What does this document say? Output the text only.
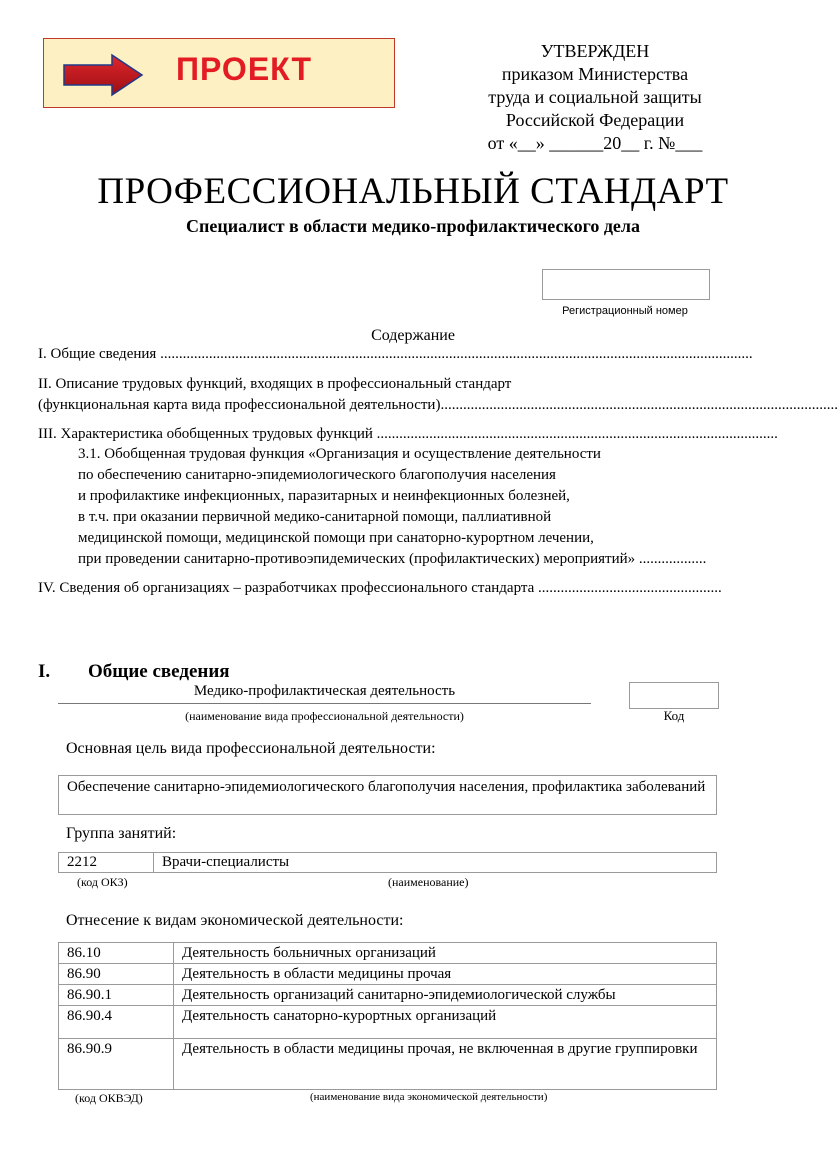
ПРОЕКТ	УТВЕРЖДЕН
приказом Министерства
труда и социальной защиты
Российской Федерации
от «__» ______20__ г. №___
ПРОФЕССИОНАЛЬНЫЙ СТАНДАРТ
Специалист в области медико-профилактического дела
Регистрационный номер
Содержание
I. Общие сведения ..............................................................................................................................................................
II. Описание трудовых функций, входящих в профессиональный стандарт
(функциональная карта вида профессиональной деятельности)..........................................................................................................
III. Характеристика обобщенных трудовых функций ...........................................................................................................
3.1. Обобщенная трудовая функция «Организация и осуществление деятельности
по обеспечению санитарно-эпидемиологического благополучия населения
и профилактике инфекционных, паразитарных и неинфекционных болезней,
в т.ч. при оказании первичной медико-санитарной помощи, паллиативной
медицинской помощи, медицинской помощи при санаторно-курортном лечении,
при проведении санитарно-противоэпидемических (профилактических) мероприятий» ..................
IV. Сведения об организациях – разработчиках профессионального стандарта .................................................
I. Общие сведения
Медико-профилактическая деятельность
(наименование вида профессиональной деятельности)	Код
Основная цель вида профессиональной деятельности:
Обеспечение санитарно-эпидемиологического благополучия населения, профилактика заболеваний
Группа занятий:
2212	Врачи-специалисты
(код ОКЗ)	(наименование)
Отнесение к видам экономической деятельности:
86.10	Деятельность больничных организаций
86.90	Деятельность в области медицины прочая
86.90.1	Деятельность организаций санитарно-эпидемиологической службы
86.90.4	Деятельность санаторно-курортных организаций
86.90.9	Деятельность в области медицины прочая, не включенная в другие группировки
(код ОКВЭД)	(наименование вида экономической деятельности)
